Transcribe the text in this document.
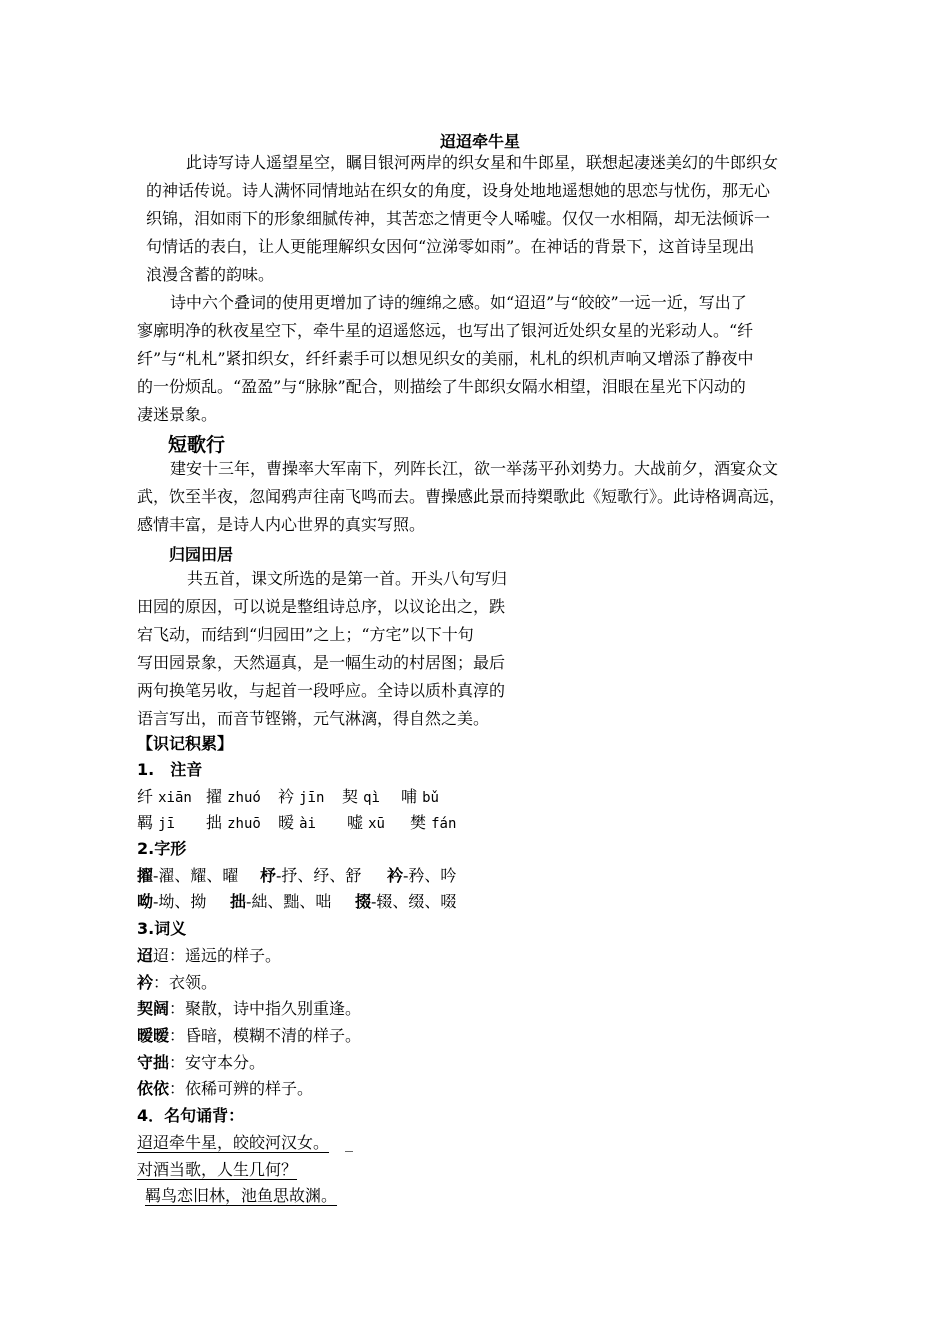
迢迢牵牛星
此诗写诗人遥望星空，瞩目银河两岸的织女星和牛郎星，联想起凄迷美幻的牛郎织女
的神话传说。诗人满怀同情地站在织女的角度，设身处地地遥想她的思恋与忧伤，那无心
织锦，泪如雨下的形象细腻传神，其苦恋之情更令人唏嘘。仅仅一水相隔，却无法倾诉一
句情话的表白，让人更能理解织女因何“泣涕零如雨”。在神话的背景下，这首诗呈现出
浪漫含蓄的韵味。
诗中六个叠词的使用更增加了诗的缠绵之感。如“迢迢”与“皎皎”一远一近，写出了
寥廓明净的秋夜星空下，牵牛星的迢遥悠远，也写出了银河近处织女星的光彩动人。“纤
纤”与“札札”紧扣织女，纤纤素手可以想见织女的美丽，札札的织机声响又增添了静夜中
的一份烦乱。“盈盈”与“脉脉”配合，则描绘了牛郎织女隔水相望，泪眼在星光下闪动的
凄迷景象。
短歌行
建安十三年，曹操率大军南下，列阵长江，欲一举荡平孙刘势力。大战前夕，酒宴众文
武，饮至半夜，忽闻鸦声往南飞鸣而去。曹操感此景而持槊歌此《短歌行》。此诗格调高远，
感情丰富，是诗人内心世界的真实写照。
归园田居
共五首，课文所选的是第一首。开头八句写归
田园的原因，可以说是整组诗总序，以议论出之，跌
宕飞动，而结到“归园田”之上；“方宅”以下十句
写田园景象，天然逼真，是一幅生动的村居图；最后
两句换笔另收，与起首一段呼应。全诗以质朴真淳的
语言写出，而音节铿锵，元气淋漓，得自然之美。
【识记积累】
1.　注音
纤 xiān 擢 zhuó 衿 jīn 契 qì 哺 bǔ
羁 jī 拙 zhuō 暧 ài 嘘 xū 樊 fán
2.字形
擢-濯、耀、曜 杼-抒、纾、舒 衿-矜、吟
呦-坳、拗 拙-絀、黜、咄 掇-辍、缀、啜
3.词义
迢迢：遥远的样子。
衿：衣领。
契阔：聚散，诗中指久别重逢。
暧暧：昏暗，模糊不清的样子。
守拙：安守本分。
依依：依稀可辨的样子。
4．名句诵背：
迢迢牵牛星，皎皎河汉女。 _
对酒当歌，人生几何？
羁鸟恋旧林，池鱼思故渊。
